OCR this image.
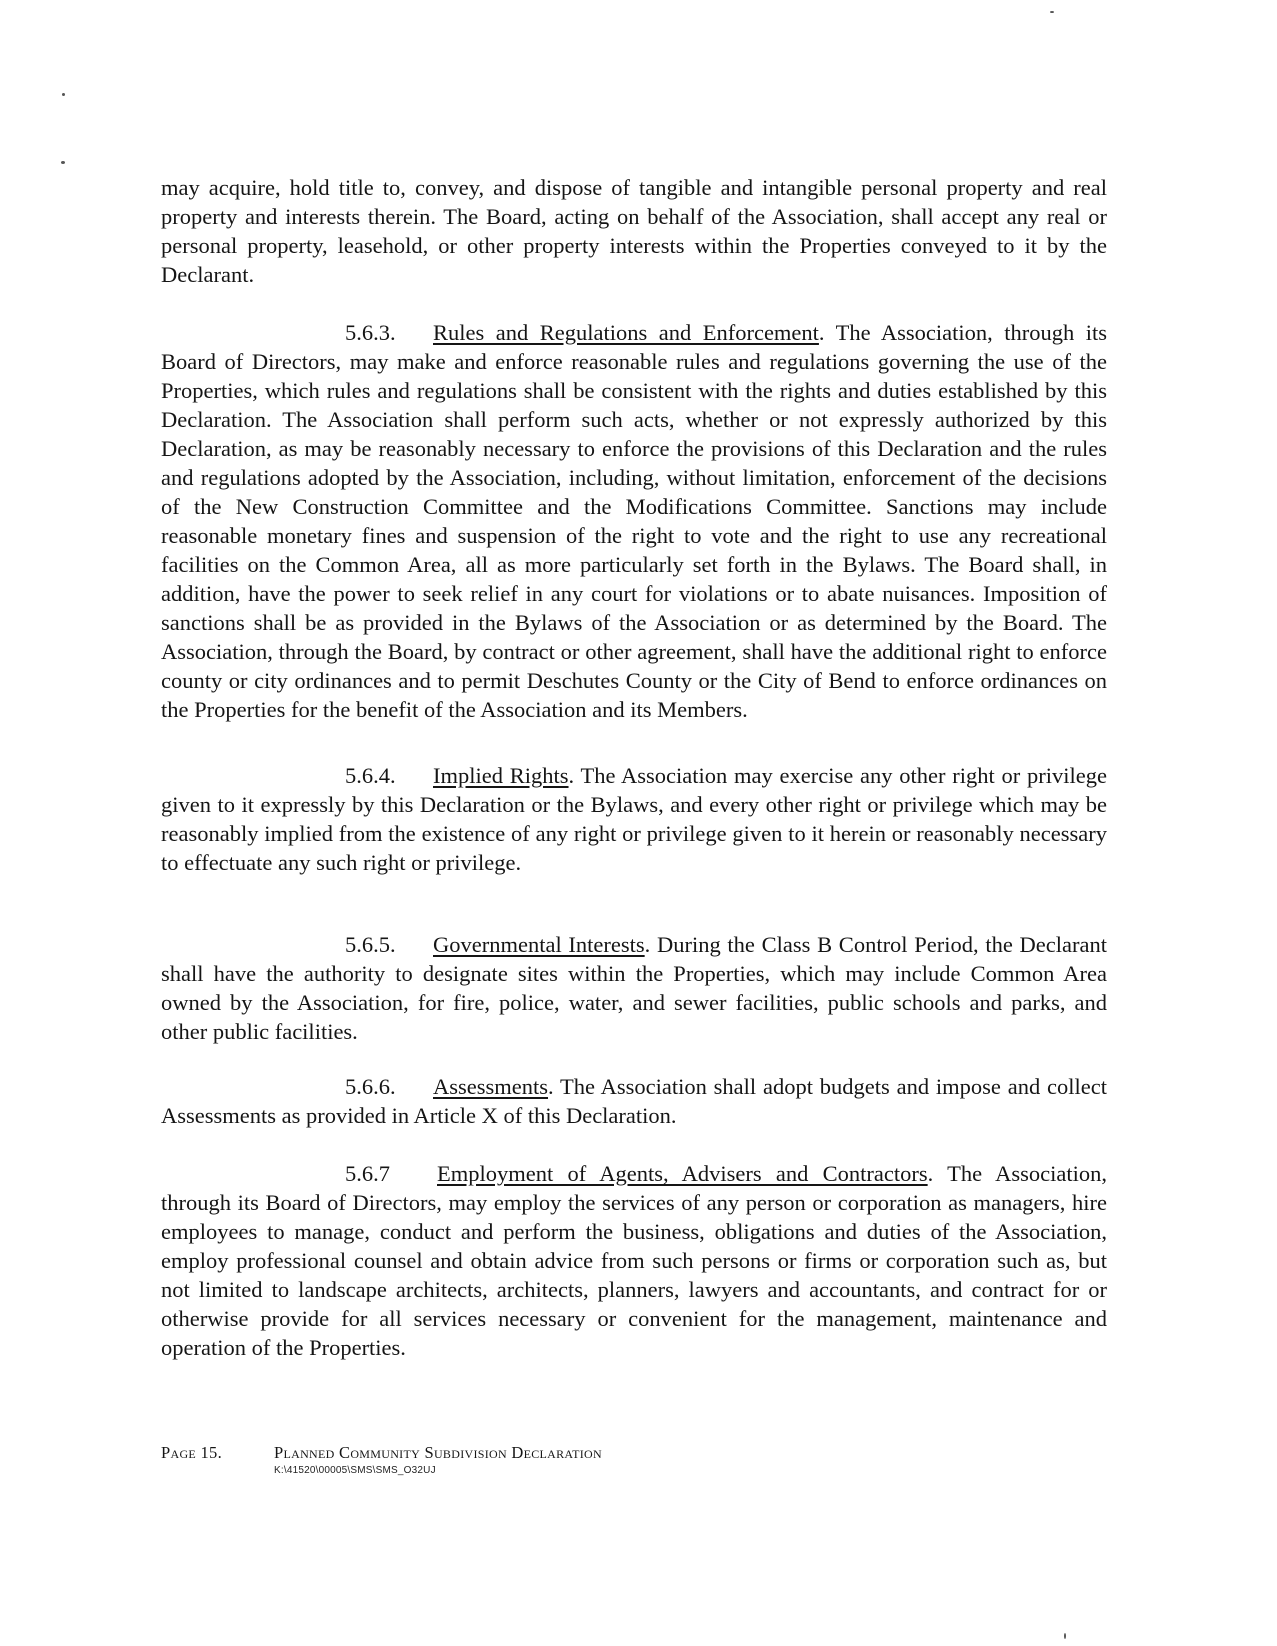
may acquire, hold title to, convey, and dispose of tangible and intangible personal property and real property and interests therein. The Board, acting on behalf of the Association, shall accept any real or personal property, leasehold, or other property interests within the Properties conveyed to it by the Declarant.

5.6.3. Rules and Regulations and Enforcement. The Association, through its Board of Directors, may make and enforce reasonable rules and regulations governing the use of the Properties, which rules and regulations shall be consistent with the rights and duties established by this Declaration. The Association shall perform such acts, whether or not expressly authorized by this Declaration, as may be reasonably necessary to enforce the provisions of this Declaration and the rules and regulations adopted by the Association, including, without limitation, enforcement of the decisions of the New Construction Committee and the Modifications Committee. Sanctions may include reasonable monetary fines and suspension of the right to vote and the right to use any recreational facilities on the Common Area, all as more particularly set forth in the Bylaws. The Board shall, in addition, have the power to seek relief in any court for violations or to abate nuisances. Imposition of sanctions shall be as provided in the Bylaws of the Association or as determined by the Board. The Association, through the Board, by contract or other agreement, shall have the additional right to enforce county or city ordinances and to permit Deschutes County or the City of Bend to enforce ordinances on the Properties for the benefit of the Association and its Members.

5.6.4. Implied Rights. The Association may exercise any other right or privilege given to it expressly by this Declaration or the Bylaws, and every other right or privilege which may be reasonably implied from the existence of any right or privilege given to it herein or reasonably necessary to effectuate any such right or privilege.

5.6.5. Governmental Interests. During the Class B Control Period, the Declarant shall have the authority to designate sites within the Properties, which may include Common Area owned by the Association, for fire, police, water, and sewer facilities, public schools and parks, and other public facilities.

5.6.6. Assessments. The Association shall adopt budgets and impose and collect Assessments as provided in Article X of this Declaration.

5.6.7 Employment of Agents, Advisers and Contractors. The Association, through its Board of Directors, may employ the services of any person or corporation as managers, hire employees to manage, conduct and perform the business, obligations and duties of the Association, employ professional counsel and obtain advice from such persons or firms or corporation such as, but not limited to landscape architects, architects, planners, lawyers and accountants, and contract for or otherwise provide for all services necessary or convenient for the management, maintenance and operation of the Properties.

Page 15.	Planned Community Subdivision Declaration
K:\41520\00005\SMS\SMS_O32UJ
